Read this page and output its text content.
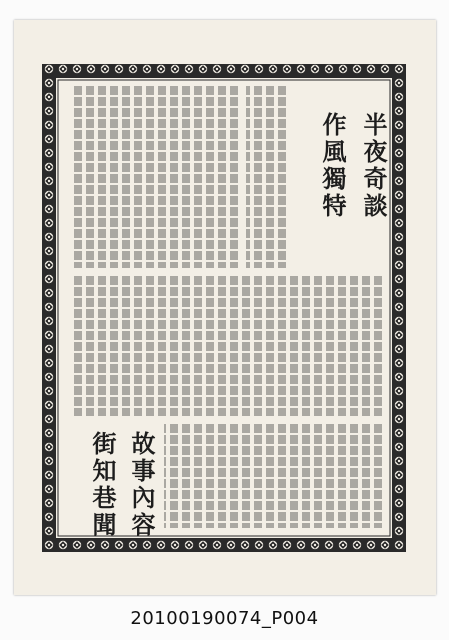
半夜奇談
作風獨特
故事內容
街知巷聞
20100190074_P004
